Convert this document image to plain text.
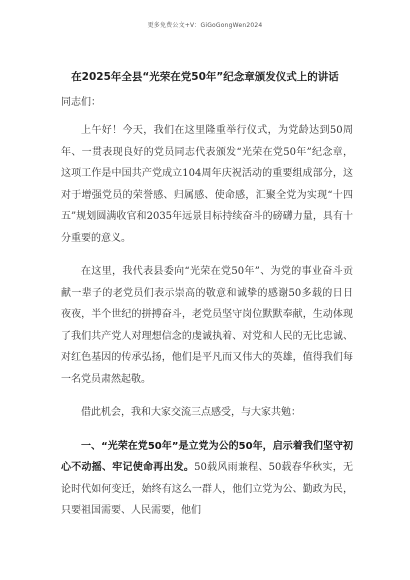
更多免费公文+V：GiGoGongWen2024
在2025年全县“光荣在党50年”纪念章颁发仪式上的讲话
同志们：

上午好！今天，我们在这里隆重举行仪式，为党龄达到50周年、一贯表现良好的党员同志代表颁发“光荣在党50年”纪念章，这项工作是中国共产党成立104周年庆祝活动的重要组成部分，这对于增强党员的荣誉感、归属感、使命感，汇聚全党为实现“十四五”规划圆满收官和2035年远景目标持续奋斗的磅礴力量，具有十分重要的意义。

在这里，我代表县委向“光荣在党50年”、为党的事业奋斗贡献一辈子的老党员们表示崇高的敬意和诚挚的感谢50多载的日日夜夜，半个世纪的拼搏奋斗，老党员坚守岗位默默奉献，生动体现了我们共产党人对理想信念的虔诚执着、对党和人民的无比忠诚、对红色基因的传承弘扬，他们是平凡而又伟大的英雄，值得我们每一名党员肃然起敬。

借此机会，我和大家交流三点感受，与大家共勉：

一、“光荣在党50年”是立党为公的50年，启示着我们坚守初心不动摇、牢记使命再出发。50载风雨兼程、50载春华秋实，无论时代如何变迁，始终有这么一群人，他们立党为公、勤政为民，只要祖国需要、人民需要，他们
